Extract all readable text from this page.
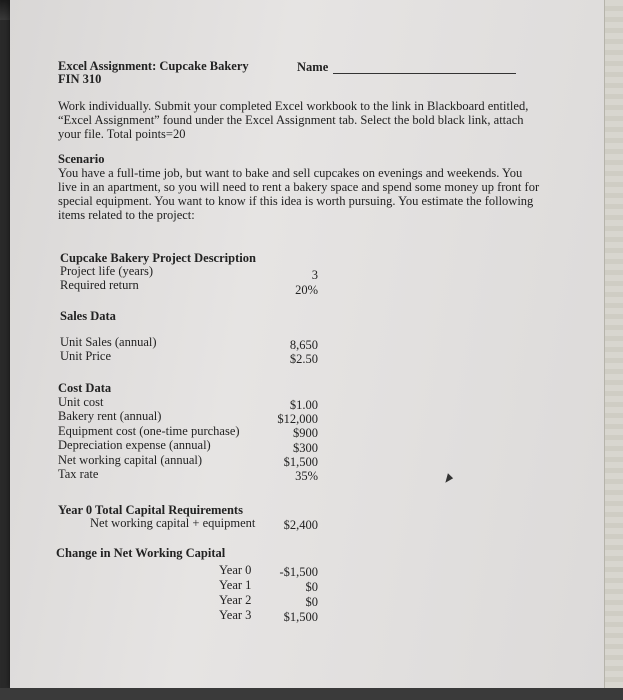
Excel Assignment: Cupcake Bakery
FIN 310
Name
Work individually. Submit your completed Excel workbook to the link in Blackboard entitled,
“Excel Assignment” found under the Excel Assignment tab. Select the bold black link, attach
your file. Total points=20
Scenario
You have a full-time job, but want to bake and sell cupcakes on evenings and weekends. You
live in an apartment, so you will need to rent a bakery space and spend some money up front for
special equipment. You want to know if this idea is worth pursuing. You estimate the following
items related to the project:
Cupcake Bakery Project Description
Project life (years)	3
Required return	20%
Sales Data
Unit Sales (annual)	8,650
Unit Price	$2.50
Cost Data
Unit cost	$1.00
Bakery rent (annual)	$12,000
Equipment cost (one-time purchase)	$900
Depreciation expense (annual)	$300
Net working capital (annual)	$1,500
Tax rate	35%
Year 0 Total Capital Requirements
Net working capital + equipment	$2,400
Change in Net Working Capital
Year 0	-$1,500
Year 1	$0
Year 2	$0
Year 3	$1,500
